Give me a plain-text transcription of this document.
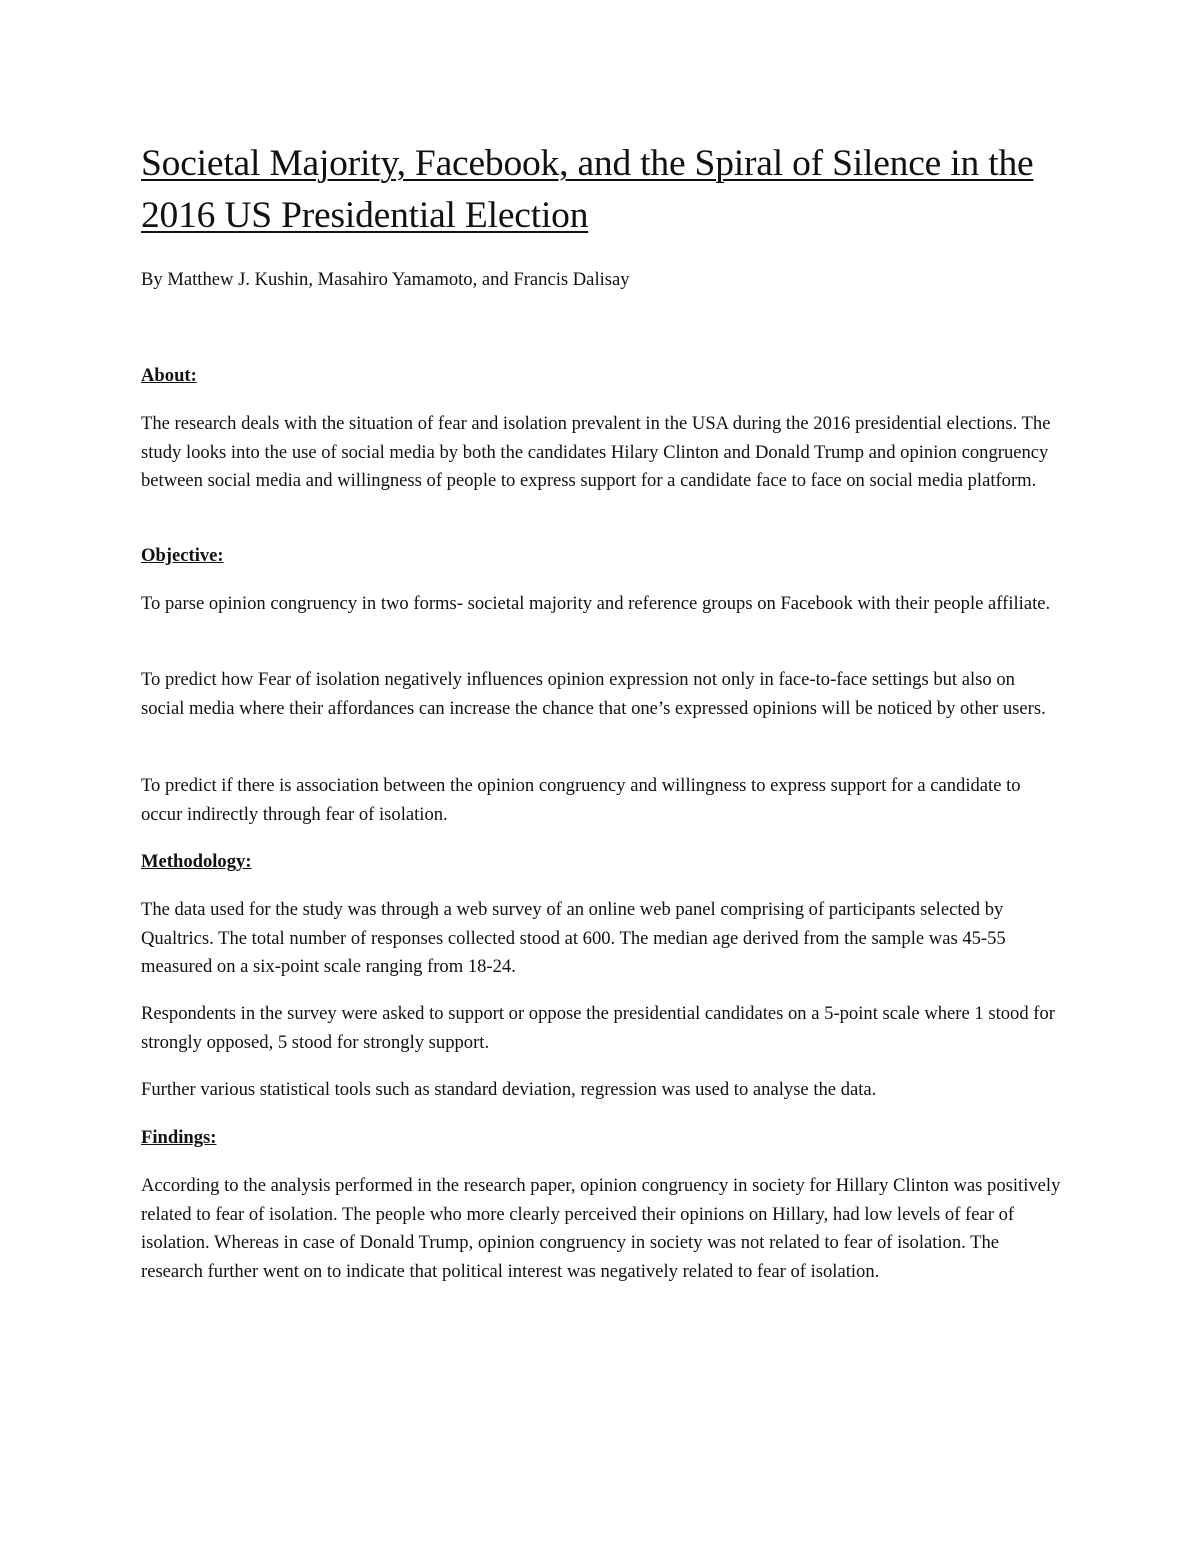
Societal Majority, Facebook, and the Spiral of Silence in the 2016 US Presidential Election

By Matthew J. Kushin, Masahiro Yamamoto, and Francis Dalisay

About:

The research deals with the situation of fear and isolation prevalent in the USA during the 2016 presidential elections. The study looks into the use of social media by both the candidates Hilary Clinton and Donald Trump and opinion congruency between social media and willingness of people to express support for a candidate face to face on social media platform.

Objective:

To parse opinion congruency in two forms- societal majority and reference groups on Facebook with their people affiliate.

To predict how Fear of isolation negatively influences opinion expression not only in face-to-face settings but also on social media where their affordances can increase the chance that one’s expressed opinions will be noticed by other users.

To predict if there is association between the opinion congruency and willingness to express support for a candidate to occur indirectly through fear of isolation.

Methodology:

The data used for the study was through a web survey of an online web panel comprising of participants selected by Qualtrics. The total number of responses collected stood at 600. The median age derived from the sample was 45-55 measured on a six-point scale ranging from 18-24.

Respondents in the survey were asked to support or oppose the presidential candidates on a 5-point scale where 1 stood for strongly opposed, 5 stood for strongly support.

Further various statistical tools such as standard deviation, regression was used to analyse the data.

Findings:

According to the analysis performed in the research paper, opinion congruency in society for Hillary Clinton was positively related to fear of isolation. The people who more clearly perceived their opinions on Hillary, had low levels of fear of isolation. Whereas in case of Donald Trump, opinion congruency in society was not related to fear of isolation. The research further went on to indicate that political interest was negatively related to fear of isolation.
